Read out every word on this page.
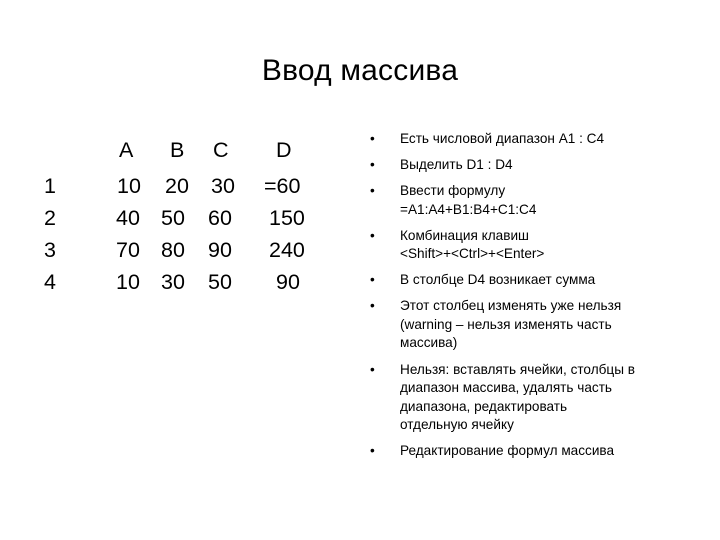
Ввод массива
A B C D
1	10 20 30 =60
2	40 50 60 150
3	70 80 90 240
4	10 30 50 90
• Есть числовой диапазон А1 : С4
• Выделить D1 : D4
• Ввести формулу
=А1:А4+В1:В4+С1:С4
• Комбинация клавиш
<Shift>+<Ctrl>+<Enter>
• В столбце D4 возникает сумма
• Этот столбец изменять уже нельзя
(warning – нельзя изменять часть
массива)
• Нельзя: вставлять ячейки, столбцы в
диапазон массива, удалять часть
диапазона, редактировать
отдельную ячейку
• Редактирование формул массива
